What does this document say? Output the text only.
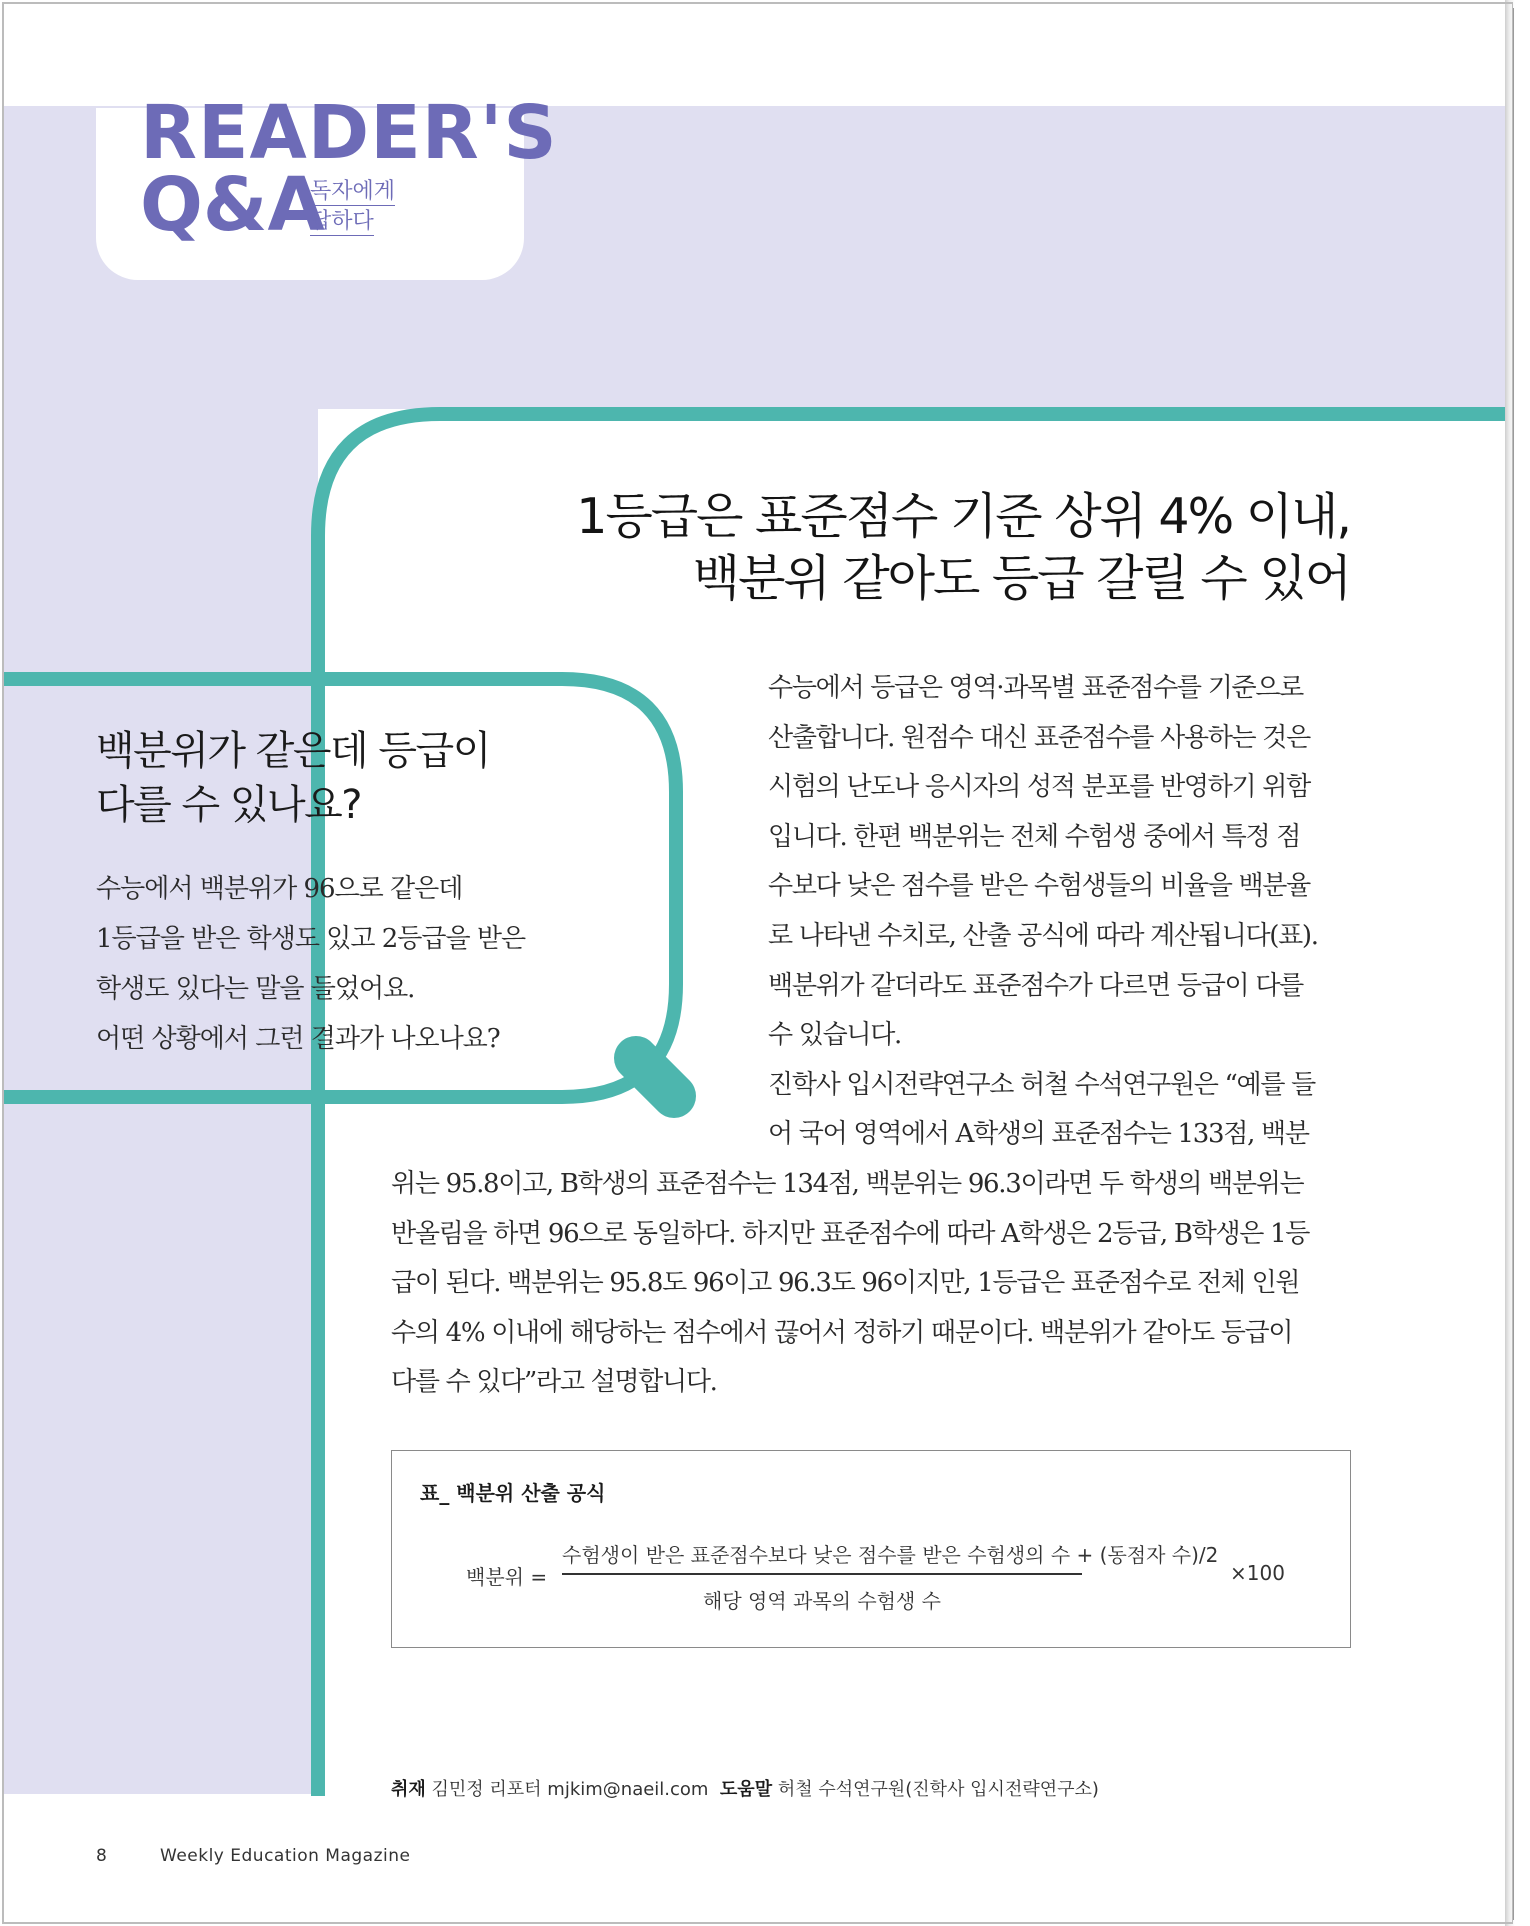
READER'S
Q&A
독자에게
답하다
1등급은 표준점수 기준 상위 4% 이내,
백분위 같아도 등급 갈릴 수 있어
백분위가 같은데 등급이
다를 수 있나요?
수능에서 백분위가 96으로 같은데
1등급을 받은 학생도 있고 2등급을 받은
학생도 있다는 말을 들었어요.
어떤 상황에서 그런 결과가 나오나요?
수능에서 등급은 영역·과목별 표준점수를 기준으로
산출합니다. 원점수 대신 표준점수를 사용하는 것은
시험의 난도나 응시자의 성적 분포를 반영하기 위함
입니다. 한편 백분위는 전체 수험생 중에서 특정 점
수보다 낮은 점수를 받은 수험생들의 비율을 백분율
로 나타낸 수치로, 산출 공식에 따라 계산됩니다(표).
백분위가 같더라도 표준점수가 다르면 등급이 다를
수 있습니다.
진학사 입시전략연구소 허철 수석연구원은 “예를 들
어 국어 영역에서 A학생의 표준점수는 133점, 백분
위는 95.8이고, B학생의 표준점수는 134점, 백분위는 96.3이라면 두 학생의 백분위는
반올림을 하면 96으로 동일하다. 하지만 표준점수에 따라 A학생은 2등급, B학생은 1등
급이 된다. 백분위는 95.8도 96이고 96.3도 96이지만, 1등급은 표준점수로 전체 인원
수의 4% 이내에 해당하는 점수에서 끊어서 정하기 때문이다. 백분위가 같아도 등급이
다를 수 있다”라고 설명합니다.
표_ 백분위 산출 공식
백분위 =
수험생이 받은 표준점수보다 낮은 점수를 받은 수험생의 수 + (동점자 수)/2
해당 영역 과목의 수험생 수
×100
취재 김민정 리포터 mjkim@naeil.com 도움말 허철 수석연구원(진학사 입시전략연구소)
8	Weekly Education Magazine
